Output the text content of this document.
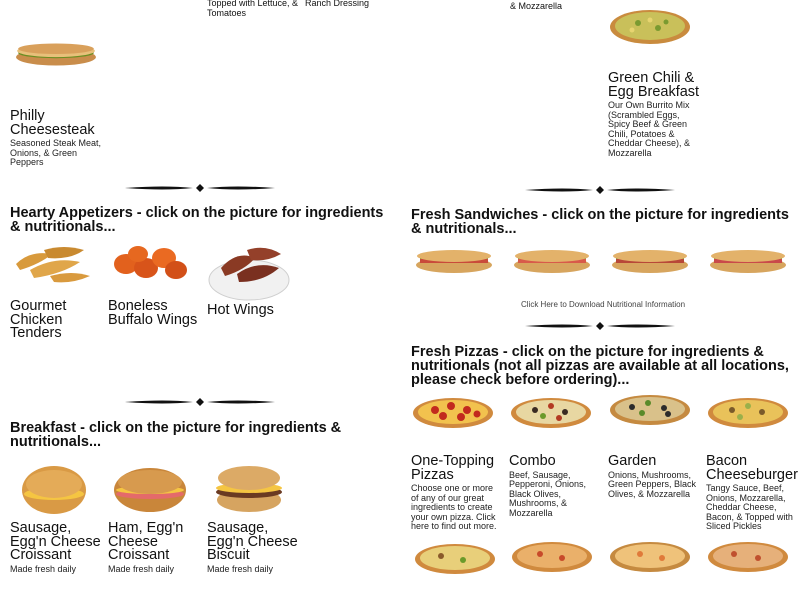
Topped with Lettuce, &
Tomatoes
Ranch Dressing	& Mozzarella
Philly Cheesesteak
Seasoned Steak Meat, Onions, & Green Peppers
Green Chili & Egg Breakfast
Our Own Burrito Mix (Scrambled Eggs, Spicy Beef & Green Chili, Potatoes & Cheddar Cheese), & Mozzarella
Hearty Appetizers - click on the picture for ingredients & nutritionals...
Gourmet Chicken Tenders
Boneless Buffalo Wings
Hot Wings
Breakfast - click on the picture for ingredients & nutritionals...
Sausage, Egg'n Cheese Croissant
Made fresh daily
Ham, Egg'n Cheese Croissant
Made fresh daily
Sausage, Egg'n Cheese Biscuit
Made fresh daily
Fresh Sandwiches - click on the picture for ingredients & nutritionals...
Click Here to Download Nutritional Information
Fresh Pizzas - click on the picture for ingredients & nutritionals (not all pizzas are available at all locations, please check before ordering)...
One-Topping Pizzas
Choose one or more of any of our great ingredients to create your own pizza. Click here to find out more.
Combo
Beef, Sausage, Pepperoni, Onions, Black Olives, Mushrooms, & Mozzarella
Garden
Onions, Mushrooms, Green Peppers, Black Olives, & Mozzarella
Bacon Cheeseburger
Tangy Sauce, Beef, Onions, Mozzarella, Cheddar Cheese, Bacon, & Topped with Sliced Pickles
